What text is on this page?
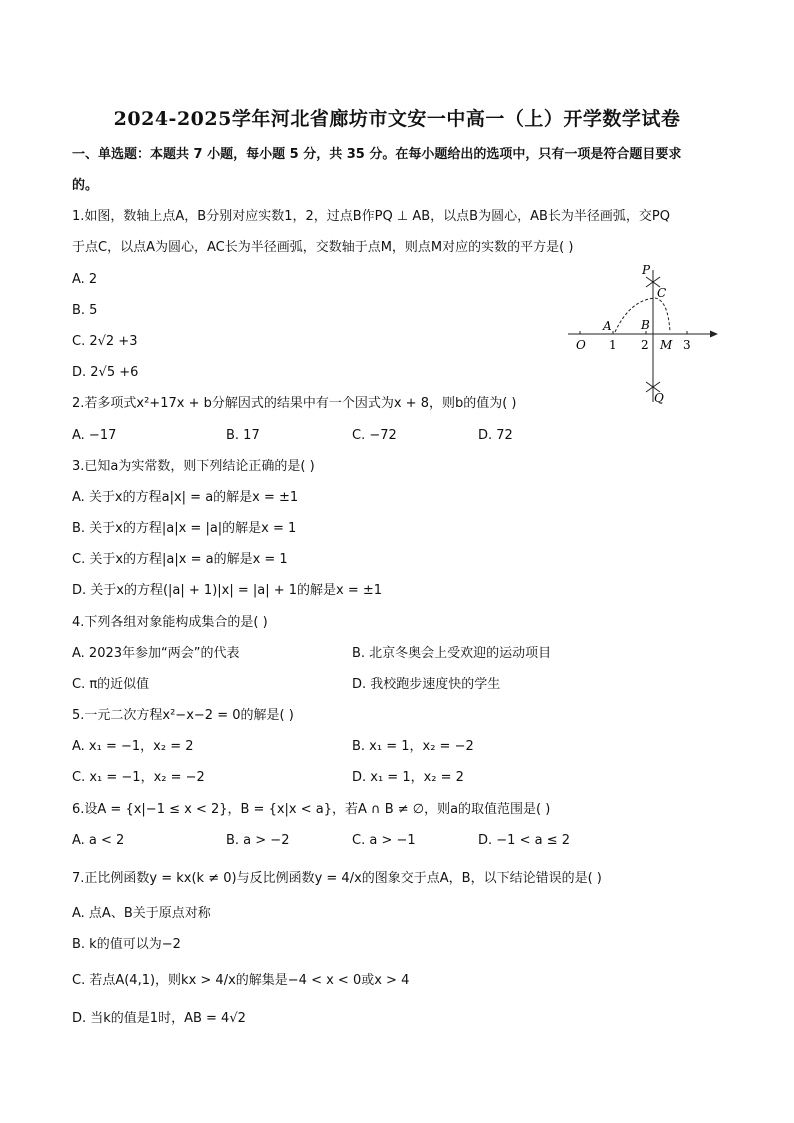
2024-2025学年河北省廊坊市文安一中高一（上）开学数学试卷
一、单选题：本题共 7 小题，每小题 5 分，共 35 分。在每小题给出的选项中，只有一项是符合题目要求
的。
1.如图，数轴上点A，B分别对应实数1，2，过点B作PQ ⊥ AB，以点B为圆心，AB长为半径画弧，交PQ
于点C，以点A为圆心，AC长为半径画弧，交数轴于点M，则点M对应的实数的平方是( )
A. 2
B. 5
C. 2√2 +3
D. 2√5 +6
P
C
A B
O 1 2 M 3
Q
2.若多项式x²+17x + b分解因式的结果中有一个因式为x + 8，则b的值为( )
A. −17	B. 17	C. −72	D. 72
3.已知a为实常数，则下列结论正确的是( )
A. 关于x的方程a|x| = a的解是x = ±1
B. 关于x的方程|a|x = |a|的解是x = 1
C. 关于x的方程|a|x = a的解是x = 1
D. 关于x的方程(|a| + 1)|x| = |a| + 1的解是x = ±1
4.下列各组对象能构成集合的是( )
A. 2023年参加“两会”的代表	B. 北京冬奥会上受欢迎的运动项目
C. π的近似值	D. 我校跑步速度快的学生
5.一元二次方程x²−x−2 = 0的解是( )
A. x₁ = −1，x₂ = 2	B. x₁ = 1，x₂ = −2
C. x₁ = −1，x₂ = −2	D. x₁ = 1，x₂ = 2
6.设A = {x|−1 ≤ x < 2}，B = {x|x < a}，若A ∩ B ≠ ∅，则a的取值范围是( )
A. a < 2	B. a > −2	C. a > −1	D. −1 < a ≤ 2
7.正比例函数y = kx(k ≠ 0)与反比例函数y = 4/x的图象交于点A，B，以下结论错误的是( )
A. 点A、B关于原点对称
B. k的值可以为−2
C. 若点A(4,1)，则kx > 4/x的解集是−4 < x < 0或x > 4
D. 当k的值是1时，AB = 4√2
